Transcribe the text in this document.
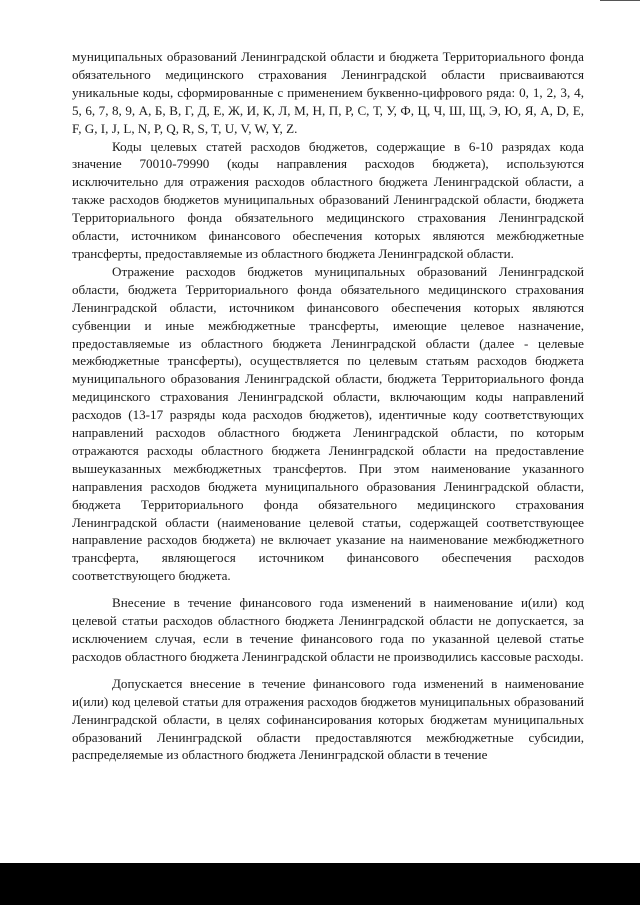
муниципальных образований Ленинградской области и бюджета Территориального фонда обязательного медицинского страхования Ленинградской области присваиваются уникальные коды, сформированные с применением буквенно-цифрового ряда: 0, 1, 2, 3, 4, 5, 6, 7, 8, 9, А, Б, В, Г, Д, Е, Ж, И, К, Л, М, Н, П, Р, С, Т, У, Ф, Ц, Ч, Ш, Щ, Э, Ю, Я, A, D, E, F, G, I, J, L, N, P, Q, R, S, T, U, V, W, Y, Z.

Коды целевых статей расходов бюджетов, содержащие в 6-10 разрядах кода значение 70010-79990 (коды направления расходов бюджета), используются исключительно для отражения расходов областного бюджета Ленинградской области, а также расходов бюджетов муниципальных образований Ленинградской области, бюджета Территориального фонда обязательного медицинского страхования Ленинградской области, источником финансового обеспечения которых являются межбюджетные трансферты, предоставляемые из областного бюджета Ленинградской области.

Отражение расходов бюджетов муниципальных образований Ленинградской области, бюджета Территориального фонда обязательного медицинского страхования Ленинградской области, источником финансового обеспечения которых являются субвенции и иные межбюджетные трансферты, имеющие целевое назначение, предоставляемые из областного бюджета Ленинградской области (далее - целевые межбюджетные трансферты), осуществляется по целевым статьям расходов бюджета муниципального образования Ленинградской области, бюджета Территориального фонда медицинского страхования Ленинградской области, включающим коды направлений расходов (13-17 разряды кода расходов бюджетов), идентичные коду соответствующих направлений расходов областного бюджета Ленинградской области, по которым отражаются расходы областного бюджета Ленинградской области на предоставление вышеуказанных межбюджетных трансфертов. При этом наименование указанного направления расходов бюджета муниципального образования Ленинградской области, бюджета Территориального фонда обязательного медицинского страхования Ленинградской области (наименование целевой статьи, содержащей соответствующее направление расходов бюджета) не включает указание на наименование межбюджетного трансферта, являющегося источником финансового обеспечения расходов соответствующего бюджета.

Внесение в течение финансового года изменений в наименование и(или) код целевой статьи расходов областного бюджета Ленинградской области не допускается, за исключением случая, если в течение финансового года по указанной целевой статье расходов областного бюджета Ленинградской области не производились кассовые расходы.

Допускается внесение в течение финансового года изменений в наименование и(или) код целевой статьи для отражения расходов бюджетов муниципальных образований Ленинградской области, в целях софинансирования которых бюджетам муниципальных образований Ленинградской области предоставляются межбюджетные субсидии, распределяемые из областного бюджета Ленинградской области в течение
